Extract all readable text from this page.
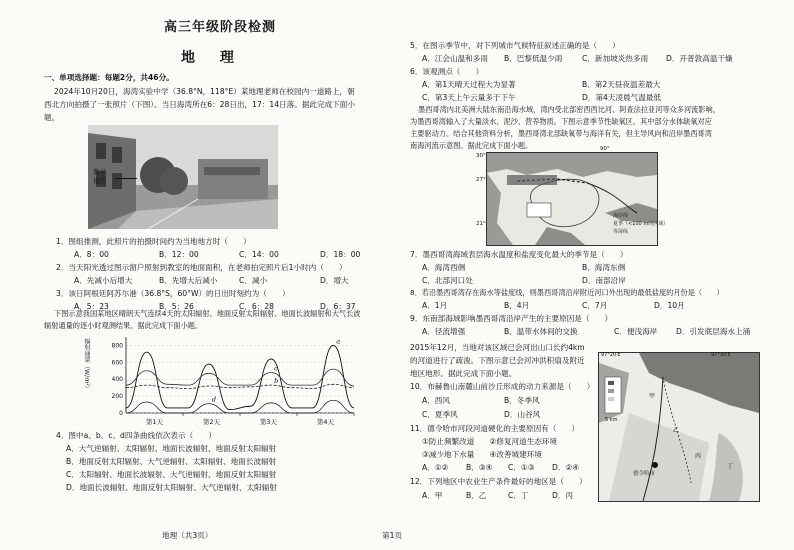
高三年级阶段检测
地 理
一、单项选择题：每题2分，共46分。
2024年10月20日，海湾实验中学（36.8°N，118°E）某地理老师在校园内一道路上，朝
西北方向拍摄了一张照片（下图）。当日海湾所在6：28日出，17：14日落。据此完成下面小
题。
教学
楼房
1．图组推测，此照片的拍摄时间约为当地地方时（　　）
A．8：00	B．12：00	C．14：00	D．18：00
2．当天阳光透过图示窗户照射到教室的地面面积，在老师拍完照片后1小时内（　　）
A．先减小后增大	B．先增大后减小	C．减小	D．增大
3．该日阿根廷阿苏尔港（36.8°S，60°W）的日出时刻约为（　　）
A．5：23	B．5：26	C．6：28	D．6：37
下图示意我国某地区晴朗天气连续4天的太阳辐射、地面反射太阳辐射、地面长波辐射和大气长波
辐射通量的逐小时观测结果。据此完成下面小题。
0
200
400
600
800
第1天	第2天	第3天	第4天
a
b
c
d
辐射通量（W/m²）
4．图中a、b、c、d四条曲线依次表示（　　）
A．大气逆辐射、太阳辐射、地面长波辐射、地面反射太阳辐射
B．地面反射太阳辐射、大气逆辐射、太阳辐射、地面长波辐射
C．太阳辐射、地面长波辐射、大气逆辐射、地面反射太阳辐射
D．地面长波辐射、地面反射太阳辐射、大气逆辐射、太阳辐射
地理（共3页）
5．在图示季节中，对下列城市气候特征叙述正确的是（　　）
A．江会山温和多雨 B．巴黎低温少雨	C．新加坡炎热多雨 D．开普敦高温干燥
6．该观测点（　　）
A．第1天晴天过程大为显著	B．第2天昼夜温差最大
C．第3天上午云量多于下午	D．第4天凌晨气温最低
墨西哥湾内北美洲大陆东南沿海水域，湾内受北部密西西比河、阿查法拉亚河等众多河流影响，
为墨西哥湾输入了大量淡水、泥沙、营养物质。下图示意季节性缺氧区。其中部分水体缺氧对应
主要驱动力。结合其他资料分析，墨西哥湾北部缺氧带与海洋有关，但主导风向和沿岸墨西哥湾
南海河流示意图。据此完成下面小题。
海岸线
夏季（<100 m的区域）
等深线
30°
27°
21°
90°
7．墨西哥湾海域表层海水温度和盐度变化最大的季节是（　　）
A．海湾西侧	B．海湾东侧
C．北部河口处	D．南部沿岸
8．若沿墨西哥湾存在海水等盐度线，则墨西哥湾沿岸附近河口外出现的最低盐度的月份是（　　）
A．1月	B．4月	C．7月	D．10月
9．东南部海域影响墨西哥湾沿岸产生的主要原因是（　　）
A．径流增强	B．温带水体间的交换	C．便浅海岸 D．引发底层海水上涌
2015年12月，当地对该区域已会河出山口长约4km
的河道进行了疏浚。下图示意已会河冲洪积扇及附近
地区地形。据此完成下面小题。
10．布赫鲁山南麓山前沙丘形成的动力来源是（　　）
A．西风	B．冬季风
C．夏季风	D．山谷风
11．德令哈市河段河道硬化的主要原因有（　　）
①防止频繁改道　　②修复河道生态环境
③减少地下水量　　④改善城建环境
A．①② B．③④ C．①③ D．②④
12．下列地区中农业生产条件最好的地区是（　　）
A．甲	B．乙	C．丁	D．丙
97°20′E	97°30′E
5 km
德令哈市
甲
乙
丙
丁
第1页
